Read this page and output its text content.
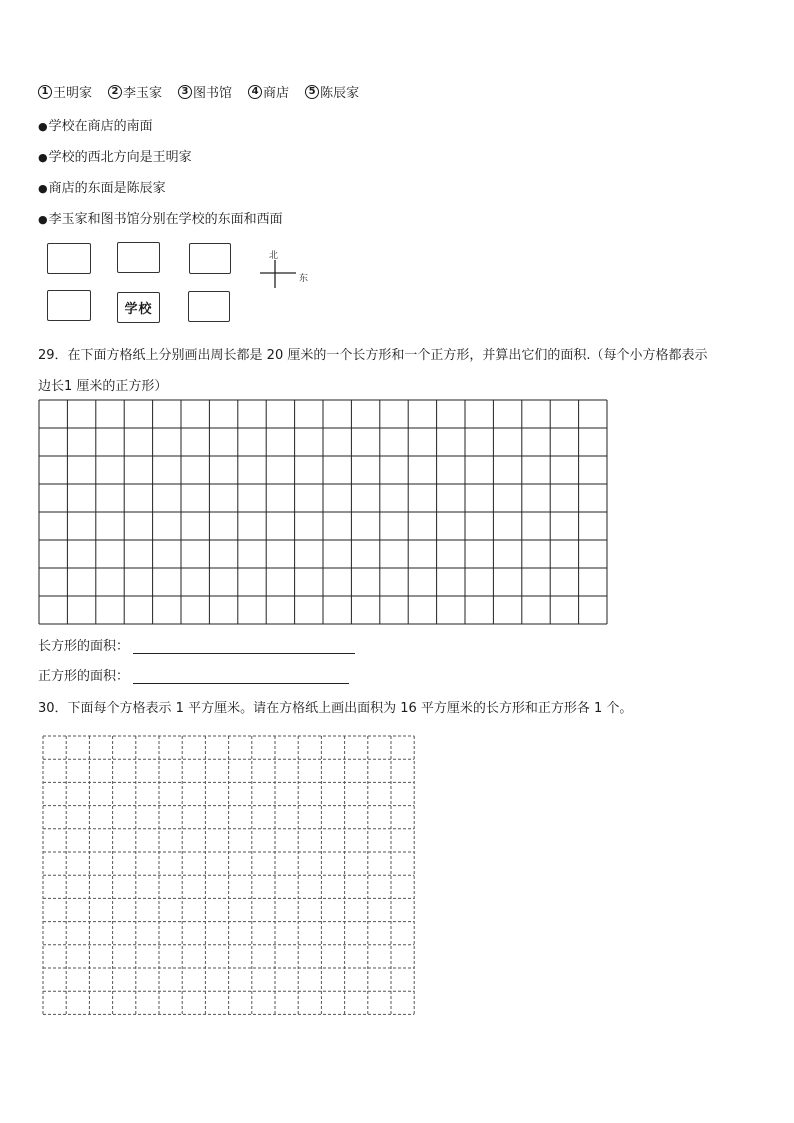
1 王明家	2 李玉家	3 图书馆	4 商店	5 陈辰家
●学校在商店的南面
●学校的西北方向是王明家
●商店的东面是陈辰家
●李玉家和图书馆分别在学校的东面和西面
学校
北
东
29．在下面方格纸上分别画出周长都是 20 厘米的一个长方形和一个正方形，并算出它们的面积.（每个小方格都表示
边长1 厘米的正方形）
长方形的面积：
正方形的面积：
30．下面每个方格表示 1 平方厘米。请在方格纸上画出面积为 16 平方厘米的长方形和正方形各 1 个。
